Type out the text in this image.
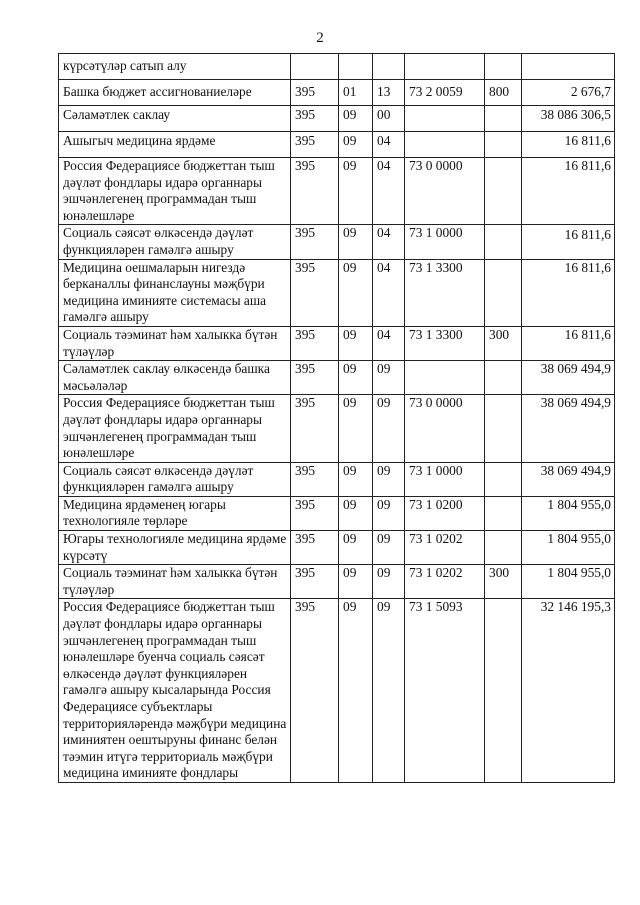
2
күрсәтүләр сатып алу						
Башка бюджет ассигнованиеләре	395	01	13	73 2 0059	800	2 676,7
Сәламәтлек саклау	395	09	00			38 086 306,5
Ашыгыч медицина ярдәме	395	09	04			16 811,6
Россия Федерациясе бюджеттан тыш дәүләт фондлары идарә органнары эшчәнлегенең программадан тыш юнәлешләре	395	09	04	73 0 0000		16 811,6
Социаль сәясәт өлкәсендә дәүләт функцияләрен гамәлгә ашыру	395	09	04	73 1 0000		16 811,6
Медицина оешмаларын нигездә берканаллы финанслауны мәҗбүри медицина иминияте системасы аша гамәлгә ашыру	395	09	04	73 1 3300		16 811,6
Социаль тәэминат һәм халыкка бүтән түләүләр	395	09	04	73 1 3300	300	16 811,6
Сәламәтлек саклау өлкәсендә башка мәсьәләләр	395	09	09			38 069 494,9
Россия Федерациясе бюджеттан тыш дәүләт фондлары идарә органнары эшчәнлегенең программадан тыш юнәлешләре	395	09	09	73 0 0000		38 069 494,9
Социаль сәясәт өлкәсендә дәүләт функцияләрен гамәлгә ашыру	395	09	09	73 1 0000		38 069 494,9
Медицина ярдәменең югары технологияле төрләре	395	09	09	73 1 0200		1 804 955,0
Югары технологияле медицина ярдәме күрсәтү	395	09	09	73 1 0202		1 804 955,0
Социаль тәэминат һәм халыкка бүтән түләүләр	395	09	09	73 1 0202	300	1 804 955,0
Россия Федерациясе бюджеттан тыш дәүләт фондлары идарә органнары эшчәнлегенең программадан тыш юнәлешләре буенча социаль сәясәт өлкәсендә дәүләт функцияләрен гамәлгә ашыру кысаларында Россия Федерациясе субъектлары территорияләрендә мәҗбүри медицина иминиятен оештыруны финанс белән тәэмин итүгә территориаль мәҗбүри медицина иминияте фондлары	395	09	09	73 1 5093		32 146 195,3
